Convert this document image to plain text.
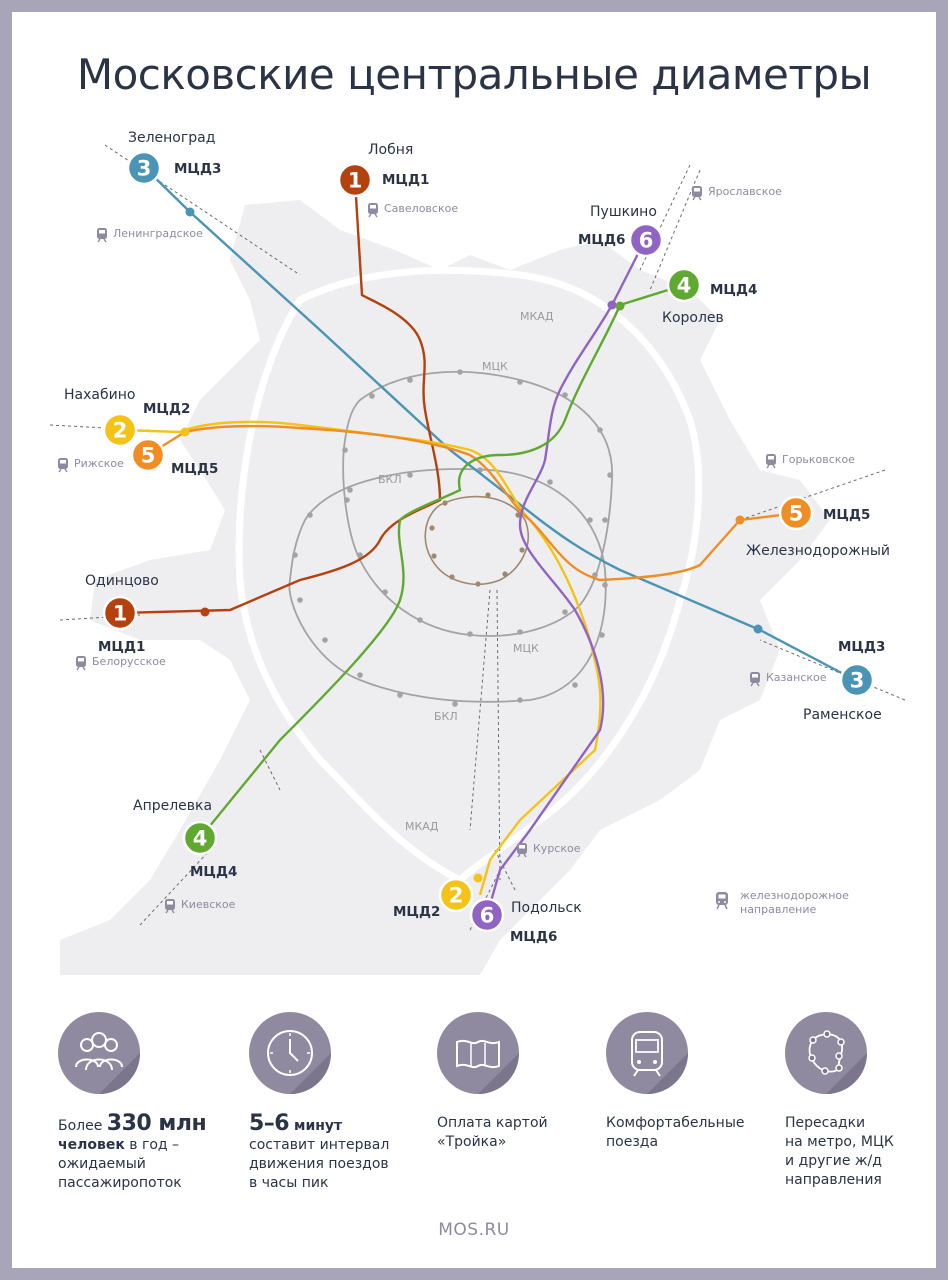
Московские центральные диаметры
МКАД
МКАД
МЦК
МЦК
БКЛ
БКЛ
Савеловское
Ярославское
Ленинградское
Рижское	Горьковское
Белорусское
Казанское
Курское
Киевское
3 МЦД3
Зеленоград
1 МЦД1
Лобня
6
МЦД6
Пушкино
4 МЦД4
Королев
2
МЦД2
Нахабино
5
МЦД5
5 МЦД5
Железнодорожный
1
МЦД1
Одинцово
3
МЦД3
Раменское
4
МЦД4
Апрелевка
2
МЦД2 6
МЦД6
Подольск
железнодорожное
направление
Более 330 млн
человек в год –
ожидаемый
пассажиропоток
5–6 минут
составит интервал
движения поездов
в часы пик
Оплата картой
«Тройка»
Комфортабельные
поезда
Пересадки
на метро, МЦК
и другие ж/д
направления
MOS.RU
